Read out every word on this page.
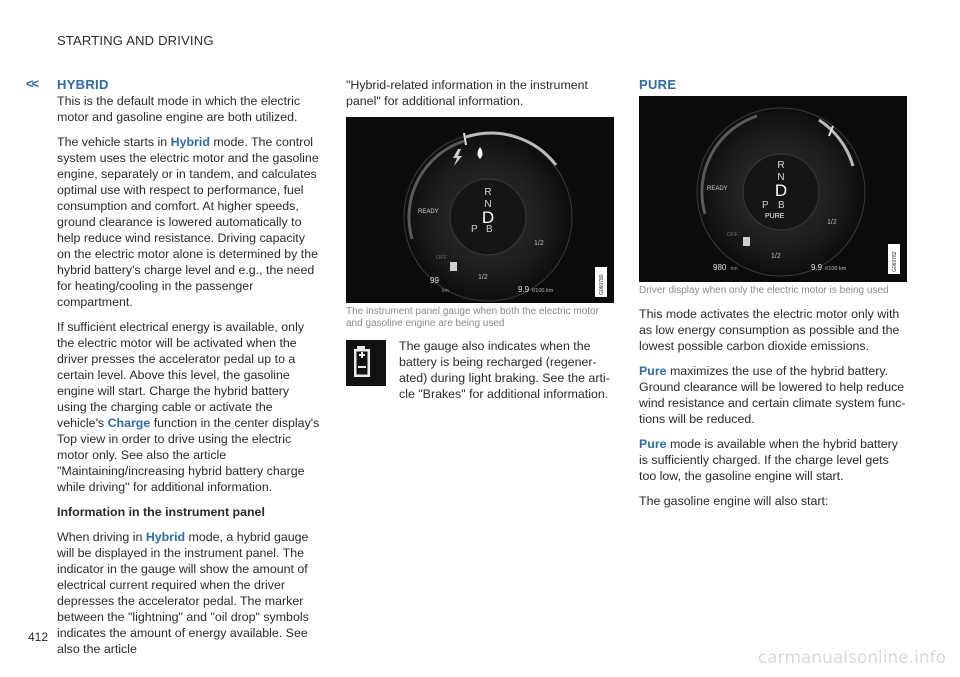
STARTING AND DRIVING
<< HYBRID

This is the default mode in which the electric motor and gasoline engine are both utilized.

The vehicle starts in Hybrid mode. The control system uses the electric motor and the gasoline engine, separately or in tandem, and calculates optimal use with respect to performance, fuel consumption and comfort. At higher speeds, ground clearance is lowered automatically to help reduce wind resistance. Driving capacity on the electric motor alone is determined by the hybrid battery's charge level and e.g., the need for heating/cooling in the passenger compartment.

If sufficient electrical energy is available, only the electric motor will be activated when the driver presses the accelerator pedal up to a certain level. Above this level, the gasoline engine will start. Charge the hybrid battery using the charging cable or activate the vehicle's Charge function in the center display's Top view in order to drive using the electric motor only. See also the article "Maintaining/increasing hybrid battery charge while driving" for additional information.

Information in the instrument panel

When driving in Hybrid mode, a hybrid gauge will be displayed in the instrument panel. The indicator in the gauge will show the amount of electrical current required when the driver depresses the accelerator pedal. The marker between the "lightning" and "oil drop" symbols indicates the amount of energy available. See also the article

"Hybrid-related information in the instrument panel" for additional information.

R
N
D
P B
READY
OFF
1/2
1/2
99
km	9.9 ℓ/100 km	G060780
The instrument panel gauge when both the electric motor and gasoline engine are being used
The gauge also indicates when the battery is being recharged (regenerated) during light braking. See the article "Brakes" for additional information.
PURE
R
N
D
P B
PURE
READY
OFF
1/2
1/2
980 km	9.9 ℓ/100 km	G060782
Driver display when only the electric motor is being used

This mode activates the electric motor only with as low energy consumption as possible and the lowest possible carbon dioxide emissions.

Pure maximizes the use of the hybrid battery. Ground clearance will be lowered to help reduce wind resistance and certain climate system functions will be reduced.

Pure mode is available when the hybrid battery is sufficiently charged. If the charge level gets too low, the gasoline engine will start.

The gasoline engine will also start:

412
carmanualsonline.info
